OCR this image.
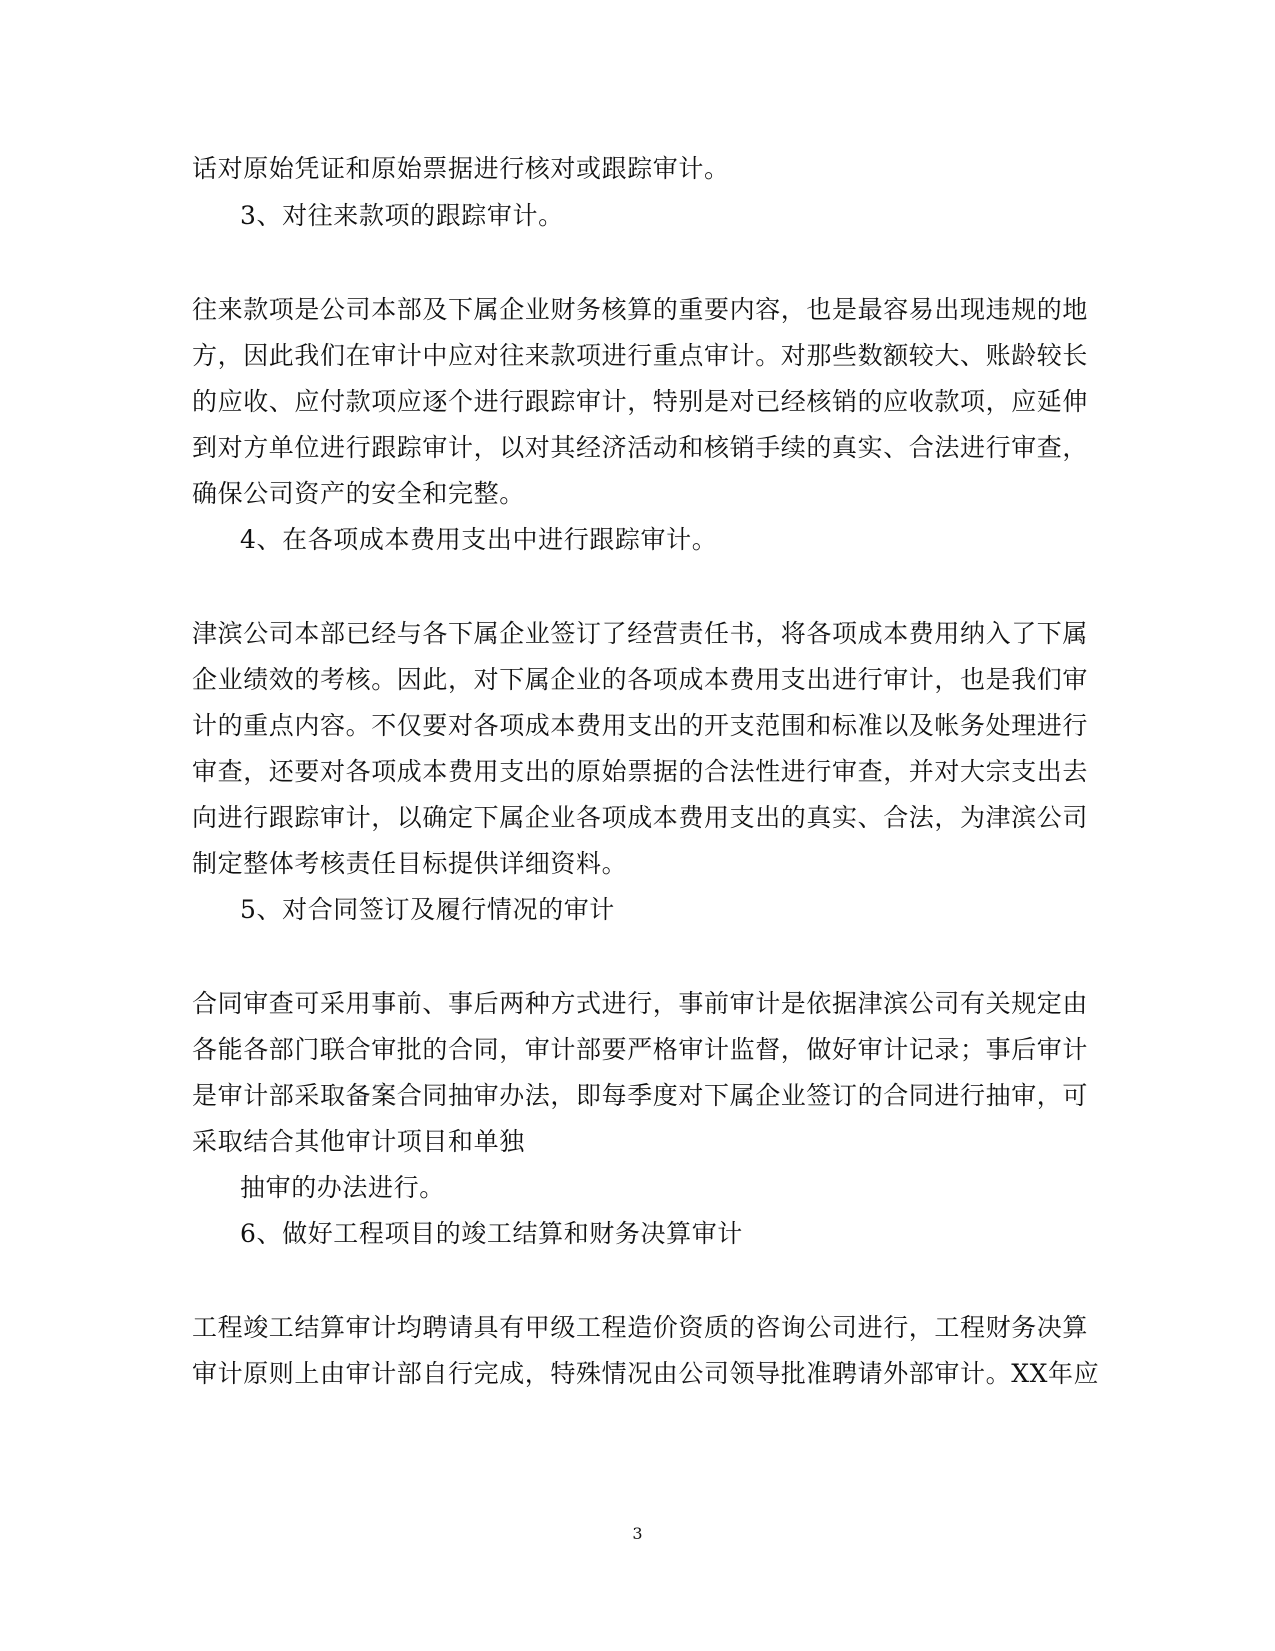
话对原始凭证和原始票据进行核对或跟踪审计。
3、对往来款项的跟踪审计。
往来款项是公司本部及下属企业财务核算的重要内容，也是最容易出现违规的地
方，因此我们在审计中应对往来款项进行重点审计。对那些数额较大、账龄较长
的应收、应付款项应逐个进行跟踪审计，特别是对已经核销的应收款项，应延伸
到对方单位进行跟踪审计，以对其经济活动和核销手续的真实、合法进行审查，
确保公司资产的安全和完整。
4、在各项成本费用支出中进行跟踪审计。
津滨公司本部已经与各下属企业签订了经营责任书，将各项成本费用纳入了下属
企业绩效的考核。因此，对下属企业的各项成本费用支出进行审计，也是我们审
计的重点内容。不仅要对各项成本费用支出的开支范围和标准以及帐务处理进行
审查，还要对各项成本费用支出的原始票据的合法性进行审查，并对大宗支出去
向进行跟踪审计，以确定下属企业各项成本费用支出的真实、合法，为津滨公司
制定整体考核责任目标提供详细资料。
5、对合同签订及履行情况的审计
合同审查可采用事前、事后两种方式进行，事前审计是依据津滨公司有关规定由
各能各部门联合审批的合同，审计部要严格审计监督，做好审计记录；事后审计
是审计部采取备案合同抽审办法，即每季度对下属企业签订的合同进行抽审，可
采取结合其他审计项目和单独
抽审的办法进行。
6、做好工程项目的竣工结算和财务决算审计
工程竣工结算审计均聘请具有甲级工程造价资质的咨询公司进行，工程财务决算
审计原则上由审计部自行完成，特殊情况由公司领导批准聘请外部审计。XX年应
3
